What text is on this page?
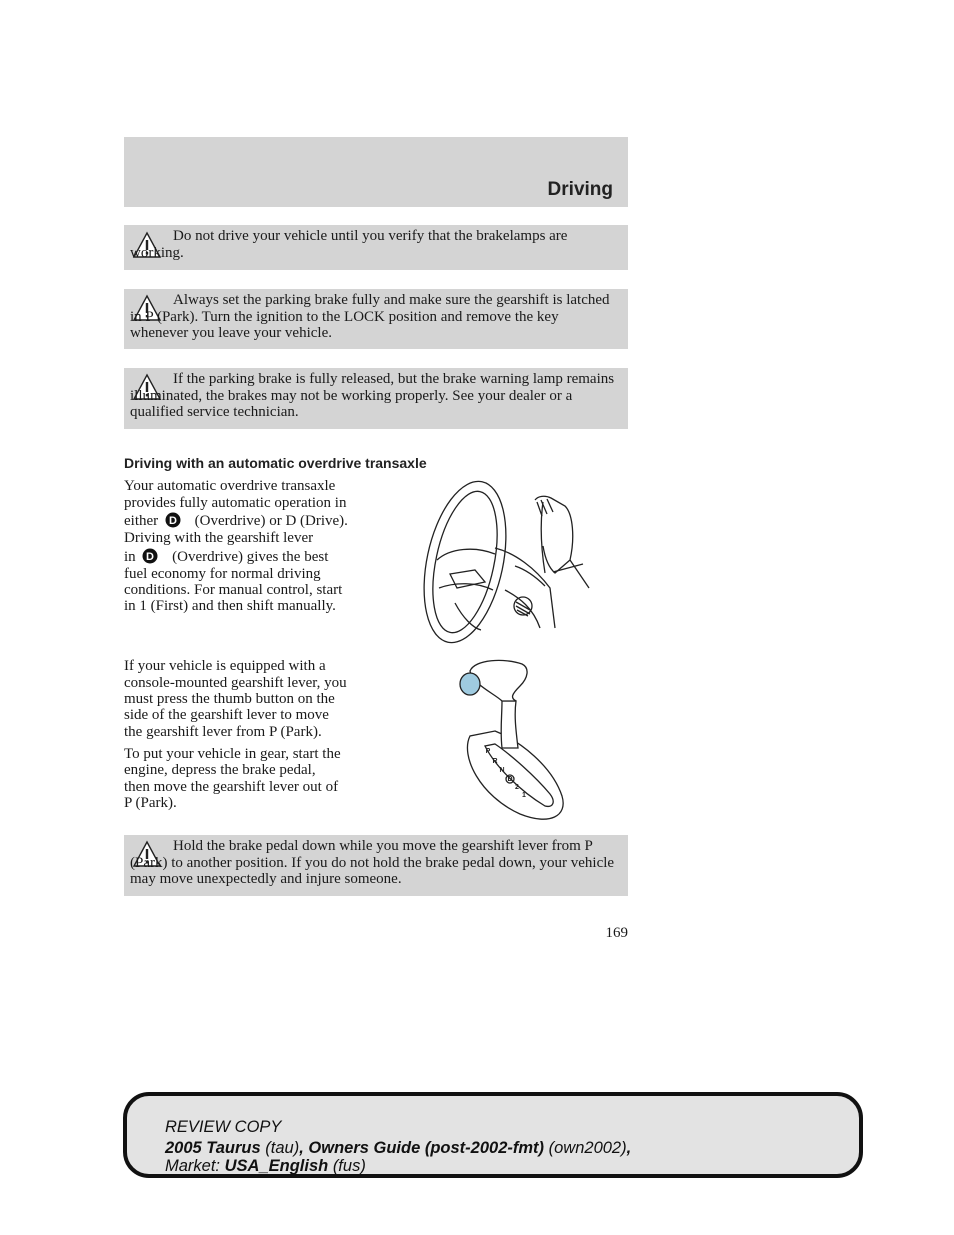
Driving
Do not drive your vehicle until you verify that the brakelamps are working.
Always set the parking brake fully and make sure the gearshift is latched in P (Park). Turn the ignition to the LOCK position and remove the key whenever you leave your vehicle.
If the parking brake is fully released, but the brake warning lamp remains illuminated, the brakes may not be working properly. See your dealer or a qualified service technician.
Driving with an automatic overdrive transaxle
Your automatic overdrive transaxle
provides fully automatic operation in
either D (Overdrive) or D (Drive).
Driving with the gearshift lever
in D (Overdrive) gives the best
fuel economy for normal driving
conditions. For manual control, start
in 1 (First) and then shift manually.
If your vehicle is equipped with a
console-mounted gearshift lever, you
must press the thumb button on the
side of the gearshift lever to move
the gearshift lever from P (Park).
To put your vehicle in gear, start the
engine, depress the brake pedal,
then move the gearshift lever out of
P (Park).
P
R
N
D
2
1
Hold the brake pedal down while you move the gearshift lever from P (Park) to another position. If you do not hold the brake pedal down, your vehicle may move unexpectedly and injure someone.
169
REVIEW COPY
2005 Taurus (tau), Owners Guide (post-2002-fmt) (own2002),
Market: USA_English (fus)
